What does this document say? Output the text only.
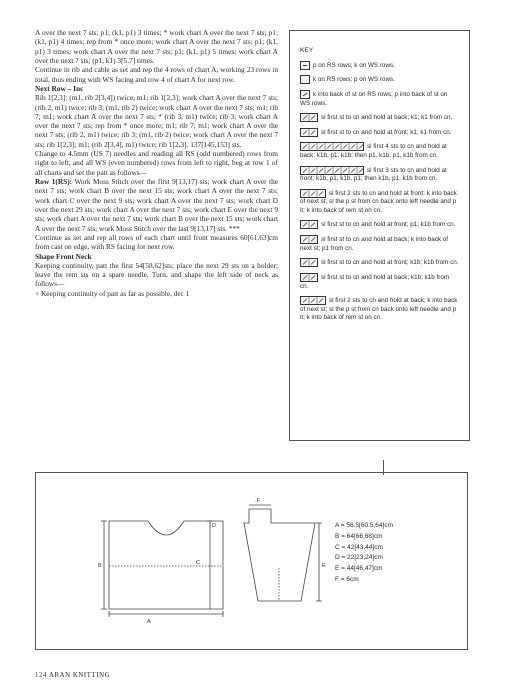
A over the next 7 sts; p1; (k1, p1) 3 times; * work chart A over the next 7 sts; p1; (k1, p1) 4 times; rep from * once more; work chart A over the next 7 sts; p1; (k1, p1) 3 times; work chart A over the next 7 sts; p1; (k1, p1) 5 times; work chart A over the next 7 sts; (p1, k1) 3[5,7] times.

Continue in rib and cable as set and rep the 4 rows of chart A, working 23 rows in total, thus ending with WS facing and row 4 of chart A for next row.

Next Row – Inc

Rib 1[2,3]; (m1, rib 2[3,4]) twice; m1; rib 1[2,3]; work chart A over the next 7 sts; (rib 2, m1) twice; rib 3; (m1, rib 2) twice; work chart A over the next 7 sts; m1; rib 7; m1; work chart A over the next 7 sts; * (rib 3, m1) twice; rib 3; work chart A over the next 7 sts; rep from * once more; m1; rib 7; m1; work chart A over the next 7 sts; (rib 2, m1) twice; rib 3; (m1, rib 2) twice; work chart A over the next 7 sts; rib 1[2,3]; m1; (rib 2[3,4], m1) twice; rib 1[2,3]. 137[145,153] sts.

Change to 4.5mm (US 7) needles and reading all RS (odd numbered) rows from right to left, and all WS (even numbered) rows from left to right, beg at row 1 of all charts and set the patt as follows—

Row 1(RS): Work Moss Stitch over the first 9[13,17] sts; work chart A over the next 7 sts; work chart B over the next 15 sts; work chart A over the next 7 sts; work chart C over the next 9 sts; work chart A over the next 7 sts; work chart D over the next 29 sts; work chart A over the next 7 sts; work chart E over the next 9 sts; work chart A over the next 7 sts; work chart B over the next 15 sts; work chart A over the next 7 sts; work Moss Stitch over the last 9[13,17] sts. ***

Continue as set and rep all rows of each chart until front measures 60[61,63]cm from cast on edge, with RS facing for next row.

Shape Front Neck

Keeping continuity, patt the first 54[58,62]sts; place the next 29 sts on a holder; leave the rem sts on a spare needle. Turn, and shape the left side of neck as follows—

+ Keeping continuity of patt as far as possible, dec 1

KEY
p on RS rows; k on WS rows.
k on RS rows; p on WS rows.
k into back of st on RS rows; p into back of st on WS rows.
sl first st to cn and hold at back; k1; k1 from cn.
sl first st to cn and hold at front; k1; k1 from cn.
sl first 4 sts to cn and hold at back; k1b, p1, k1b; then p1, k1b, p1, k1b from cn.
sl first 3 sts to cn and hold at front; k1b, p1, k1b, p1; then k1b, p1, k1b from cn.
sl first 2 sts to cn and hold at front; k into back of next st; sl the p st from cn back onto left needle and p it; k into back of rem st on cn.
sl first st to cn and hold at front; p1; k1b from cn.
sl first st to cn and hold at back; k into back of next st; p1 from cn.
sl first st to cn and hold at front; k1b; k1b from cn.
sl first st to cn and hold at back; k1b; k1b from cn.
sl first 2 sts to cn and hold at back; k into back of next st; sl the p st from cn back onto left needle and p it; k into back of rem st on cn.
B
D
A
C
.F.
E
A = 56.5[60.5,64]cm
B = 64[66,68]cm
C = 42[43,44]cm
D = 22[23,24]cm
E = 44[46,47]cm
F = 6cm
124 ARAN KNITTING
